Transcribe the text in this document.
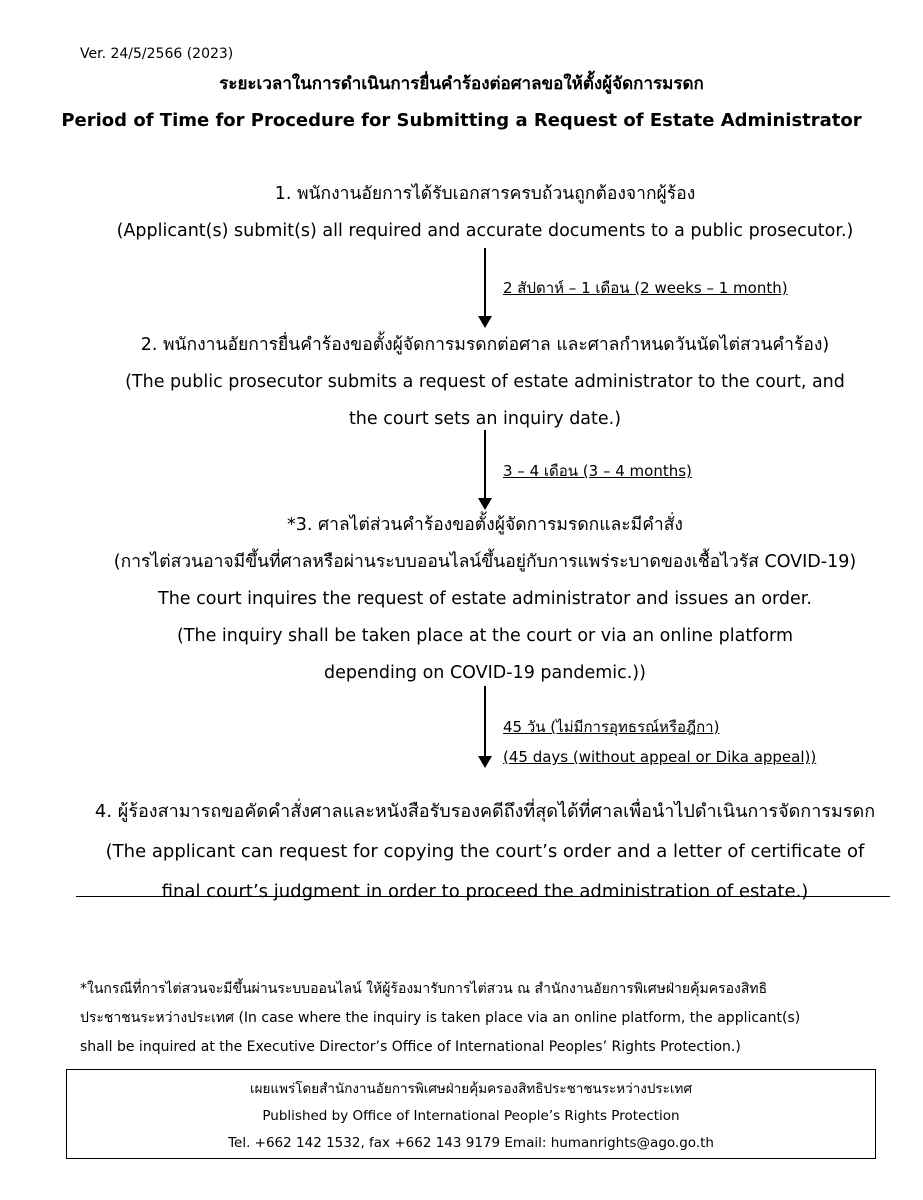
Ver. 24/5/2566 (2023)
ระยะเวลาในการดำเนินการยื่นคำร้องต่อศาลขอให้ตั้งผู้จัดการมรดก
Period of Time for Procedure for Submitting a Request of Estate Administrator
1. พนักงานอัยการได้รับเอกสารครบถ้วนถูกต้องจากผู้ร้อง
(Applicant(s) submit(s) all required and accurate documents to a public prosecutor.)
2 สัปดาห์ – 1 เดือน (2 weeks – 1 month)
2. พนักงานอัยการยื่นคำร้องขอตั้งผู้จัดการมรดกต่อศาล และศาลกำหนดวันนัดไต่สวนคำร้อง)
(The public prosecutor submits a request of estate administrator to the court, and
the court sets an inquiry date.)
3 – 4 เดือน (3 – 4 months)
*3. ศาลไต่ส่วนคำร้องขอตั้งผู้จัดการมรดกและมีคำสั่ง
(การไต่สวนอาจมีขึ้นที่ศาลหรือผ่านระบบออนไลน์ขึ้นอยู่กับการแพร่ระบาดของเชื้อไวรัส COVID-19)
The court inquires the request of estate administrator and issues an order.
(The inquiry shall be taken place at the court or via an online platform
depending on COVID-19 pandemic.))
45 วัน (ไม่มีการอุทธรณ์หรือฎีกา)
(45 days (without appeal or Dika appeal))
4. ผู้ร้องสามารถขอคัดคำสั่งศาลและหนังสือรับรองคดีถึงที่สุดได้ที่ศาลเพื่อนำไปดำเนินการจัดการมรดก
(The applicant can request for copying the court’s order and a letter of certificate of
final court’s judgment in order to proceed the administration of estate.)
*ในกรณีที่การไต่สวนจะมีขึ้นผ่านระบบออนไลน์ ให้ผู้ร้องมารับการไต่สวน ณ สำนักงานอัยการพิเศษฝ่ายคุ้มครองสิทธิ
ประชาชนระหว่างประเทศ (In case where the inquiry is taken place via an online platform, the applicant(s)
shall be inquired at the Executive Director’s Office of International Peoples’ Rights Protection.)
เผยแพร่โดยสำนักงานอัยการพิเศษฝ่ายคุ้มครองสิทธิประชาชนระหว่างประเทศ
Published by Office of International People’s Rights Protection
Tel. +662 142 1532, fax +662 143 9179 Email: humanrights@ago.go.th
